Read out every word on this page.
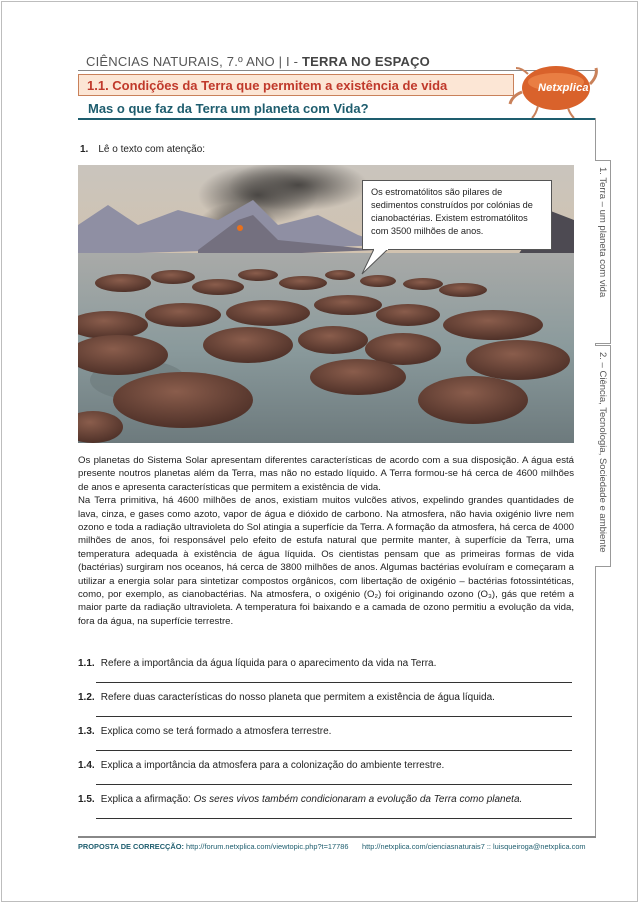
CIÊNCIAS NATURAIS, 7.º ANO | I - TERRA NO ESPAÇO
1.1. Condições da Terra que permitem a existência de vida	Netxplica
Mas o que faz da Terra um planeta com Vida?
1. Terra – um planeta com vida
2. – Ciência, Tecnologia, Sociedade e ambiente
1. Lê o texto com atenção:
Os estromatólitos são pilares de sedimentos construídos por colónias de cianobactérias. Existem estromatólitos com 3500 milhões de anos.

Os planetas do Sistema Solar apresentam diferentes características de acordo com a sua disposição. A água está presente noutros planetas além da Terra, mas não no estado líquido. A Terra formou-se há cerca de 4600 milhões de anos e apresenta características que permitem a existência de vida.

Na Terra primitiva, há 4600 milhões de anos, existiam muitos vulcões ativos, expelindo grandes quantidades de lava, cinza, e gases como azoto, vapor de água e dióxido de carbono. Na atmosfera, não havia oxigénio livre nem ozono e toda a radiação ultravioleta do Sol atingia a superfície da Terra. A formação da atmosfera, há cerca de 4000 milhões de anos, foi responsável pelo efeito de estufa natural que permite manter, à superfície da Terra, uma temperatura adequada à existência de água líquida. Os cientistas pensam que as primeiras formas de vida (bactérias) surgiram nos oceanos, há cerca de 3800 milhões de anos. Algumas bactérias evoluíram e começaram a utilizar a energia solar para sintetizar compostos orgânicos, com libertação de oxigénio – bactérias fotossintéticas, como, por exemplo, as cianobactérias. Na atmosfera, o oxigénio (O₂) foi originando ozono (O₃), gás que retém a maior parte da radiação ultravioleta. A temperatura foi baixando e a camada de ozono permitiu a evolução da vida, fora da água, na superfície terrestre.

1.1. Refere a importância da água líquida para o aparecimento da vida na Terra.
1.2. Refere duas características do nosso planeta que permitem a existência de água líquida.
1.3. Explica como se terá formado a atmosfera terrestre.
1.4. Explica a importância da atmosfera para a colonização do ambiente terrestre.
1.5. Explica a afirmação: Os seres vivos também condicionaram a evolução da Terra como planeta.
PROPOSTA DE CORRECÇÃO: http://forum.netxplica.com/viewtopic.php?t=17786 http://netxplica.com/cienciasnaturais7 :: luisqueiroga@netxplica.com
